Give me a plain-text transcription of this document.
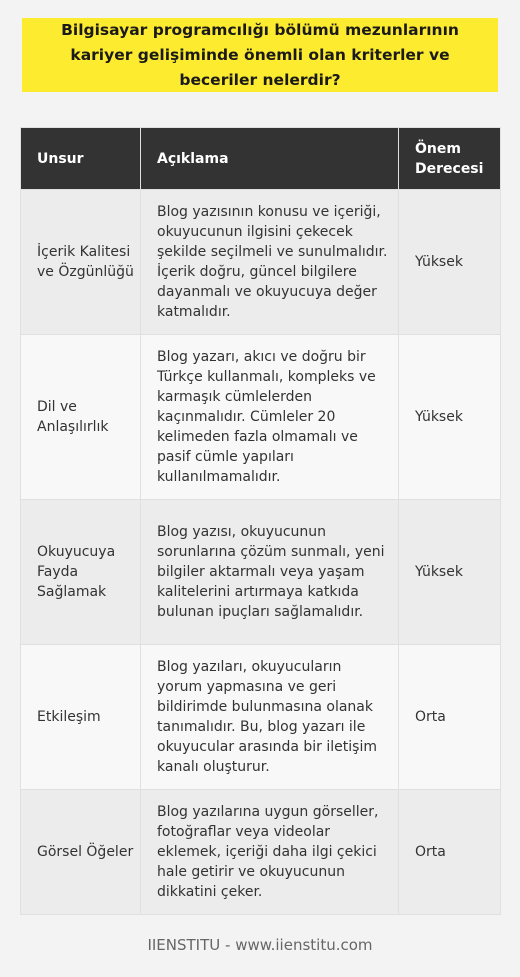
Bilgisayar programcılığı bölümü mezunlarının kariyer gelişiminde önemli olan kriterler ve beceriler nelerdir?
Unsur	Açıklama	Önem Derecesi
İçerik Kalitesi ve Özgünlüğü	Blog yazısının konusu ve içeriği, okuyucunun ilgisini çekecek şekilde seçilmeli ve sunulmalıdır. İçerik doğru, güncel bilgilere dayanmalı ve okuyucuya değer katmalıdır.	Yüksek
Dil ve Anlaşılırlık	Blog yazarı, akıcı ve doğru bir Türkçe kullanmalı, kompleks ve karmaşık cümlelerden kaçınmalıdır. Cümleler 20 kelimeden fazla olmamalı ve pasif cümle yapıları kullanılmamalıdır.	Yüksek
Okuyucuya Fayda Sağlamak	Blog yazısı, okuyucunun sorunlarına çözüm sunmalı, yeni bilgiler aktarmalı veya yaşam kalitelerini artırmaya katkıda bulunan ipuçları sağlamalıdır.	Yüksek
Etkileşim	Blog yazıları, okuyucuların yorum yapmasına ve geri bildirimde bulunmasına olanak tanımalıdır. Bu, blog yazarı ile okuyucular arasında bir iletişim kanalı oluşturur.	Orta
Görsel Öğeler	Blog yazılarına uygun görseller, fotoğraflar veya videolar eklemek, içeriği daha ilgi çekici hale getirir ve okuyucunun dikkatini çeker.	Orta
IIENSTITU - www.iienstitu.com
